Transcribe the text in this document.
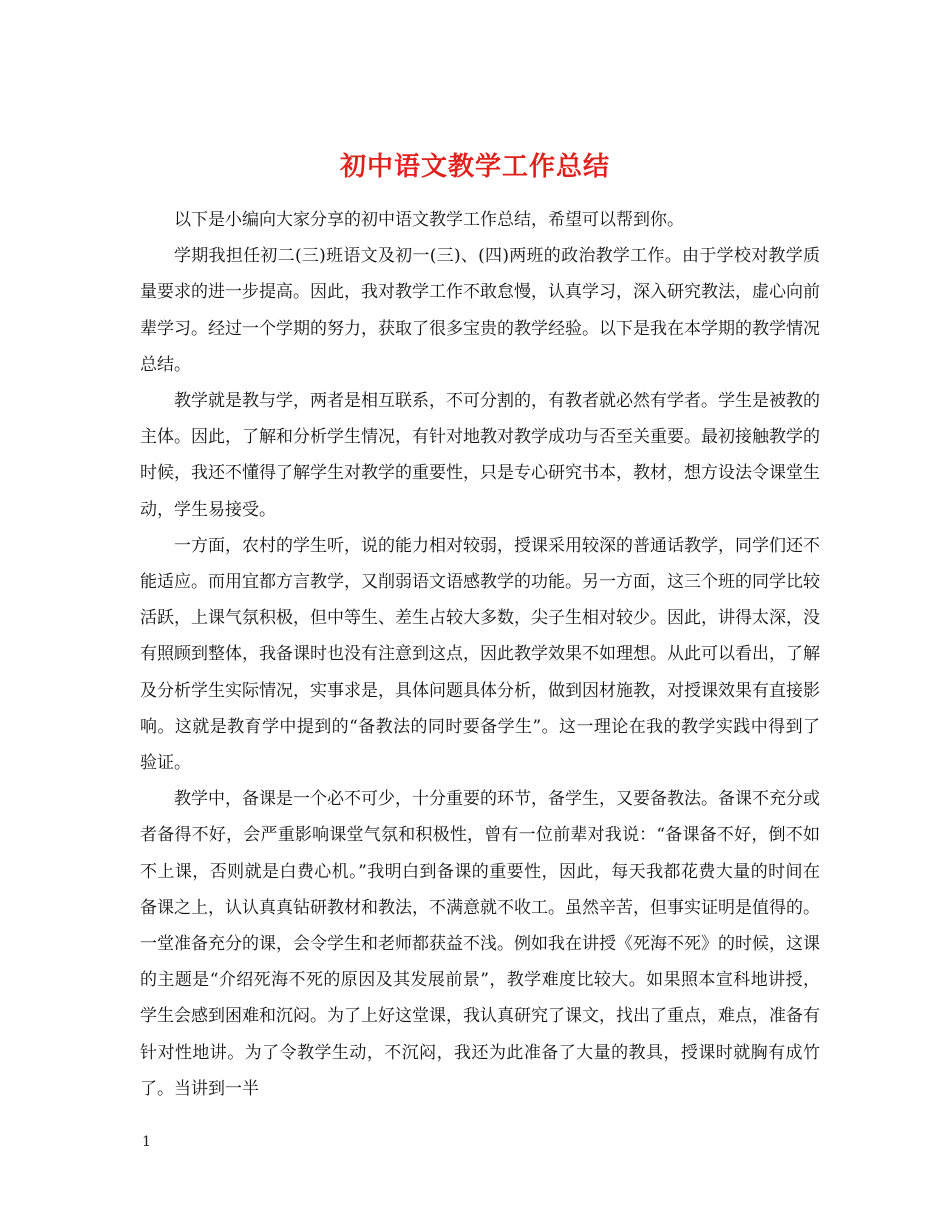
初中语文教学工作总结

以下是小编向大家分享的初中语文教学工作总结，希望可以帮到你。

学期我担任初二(三)班语文及初一(三)、(四)两班的政治教学工作。由于学校对教学质量要求的进一步提高。因此，我对教学工作不敢怠慢，认真学习，深入研究教法，虚心向前辈学习。经过一个学期的努力，获取了很多宝贵的教学经验。以下是我在本学期的教学情况总结。

教学就是教与学，两者是相互联系，不可分割的，有教者就必然有学者。学生是被教的主体。因此，了解和分析学生情况，有针对地教对教学成功与否至关重要。最初接触教学的时候，我还不懂得了解学生对教学的重要性，只是专心研究书本，教材，想方设法令课堂生动，学生易接受。

一方面，农村的学生听，说的能力相对较弱，授课采用较深的普通话教学，同学们还不能适应。而用宜都方言教学，又削弱语文语感教学的功能。另一方面，这三个班的同学比较活跃，上课气氛积极，但中等生、差生占较大多数，尖子生相对较少。因此，讲得太深，没有照顾到整体，我备课时也没有注意到这点，因此教学效果不如理想。从此可以看出，了解及分析学生实际情况，实事求是，具体问题具体分析，做到因材施教，对授课效果有直接影响。这就是教育学中提到的“备教法的同时要备学生”。这一理论在我的教学实践中得到了验证。

教学中，备课是一个必不可少，十分重要的环节，备学生，又要备教法。备课不充分或者备得不好，会严重影响课堂气氛和积极性，曾有一位前辈对我说：“备课备不好，倒不如不上课，否则就是白费心机。”我明白到备课的重要性，因此，每天我都花费大量的时间在备课之上，认认真真钻研教材和教法，不满意就不收工。虽然辛苦，但事实证明是值得的。一堂准备充分的课，会令学生和老师都获益不浅。例如我在讲授《死海不死》的时候，这课的主题是“介绍死海不死的原因及其发展前景”，教学难度比较大。如果照本宣科地讲授，学生会感到困难和沉闷。为了上好这堂课，我认真研究了课文，找出了重点，难点，准备有针对性地讲。为了令教学生动，不沉闷，我还为此准备了大量的教具，授课时就胸有成竹了。当讲到一半

1
